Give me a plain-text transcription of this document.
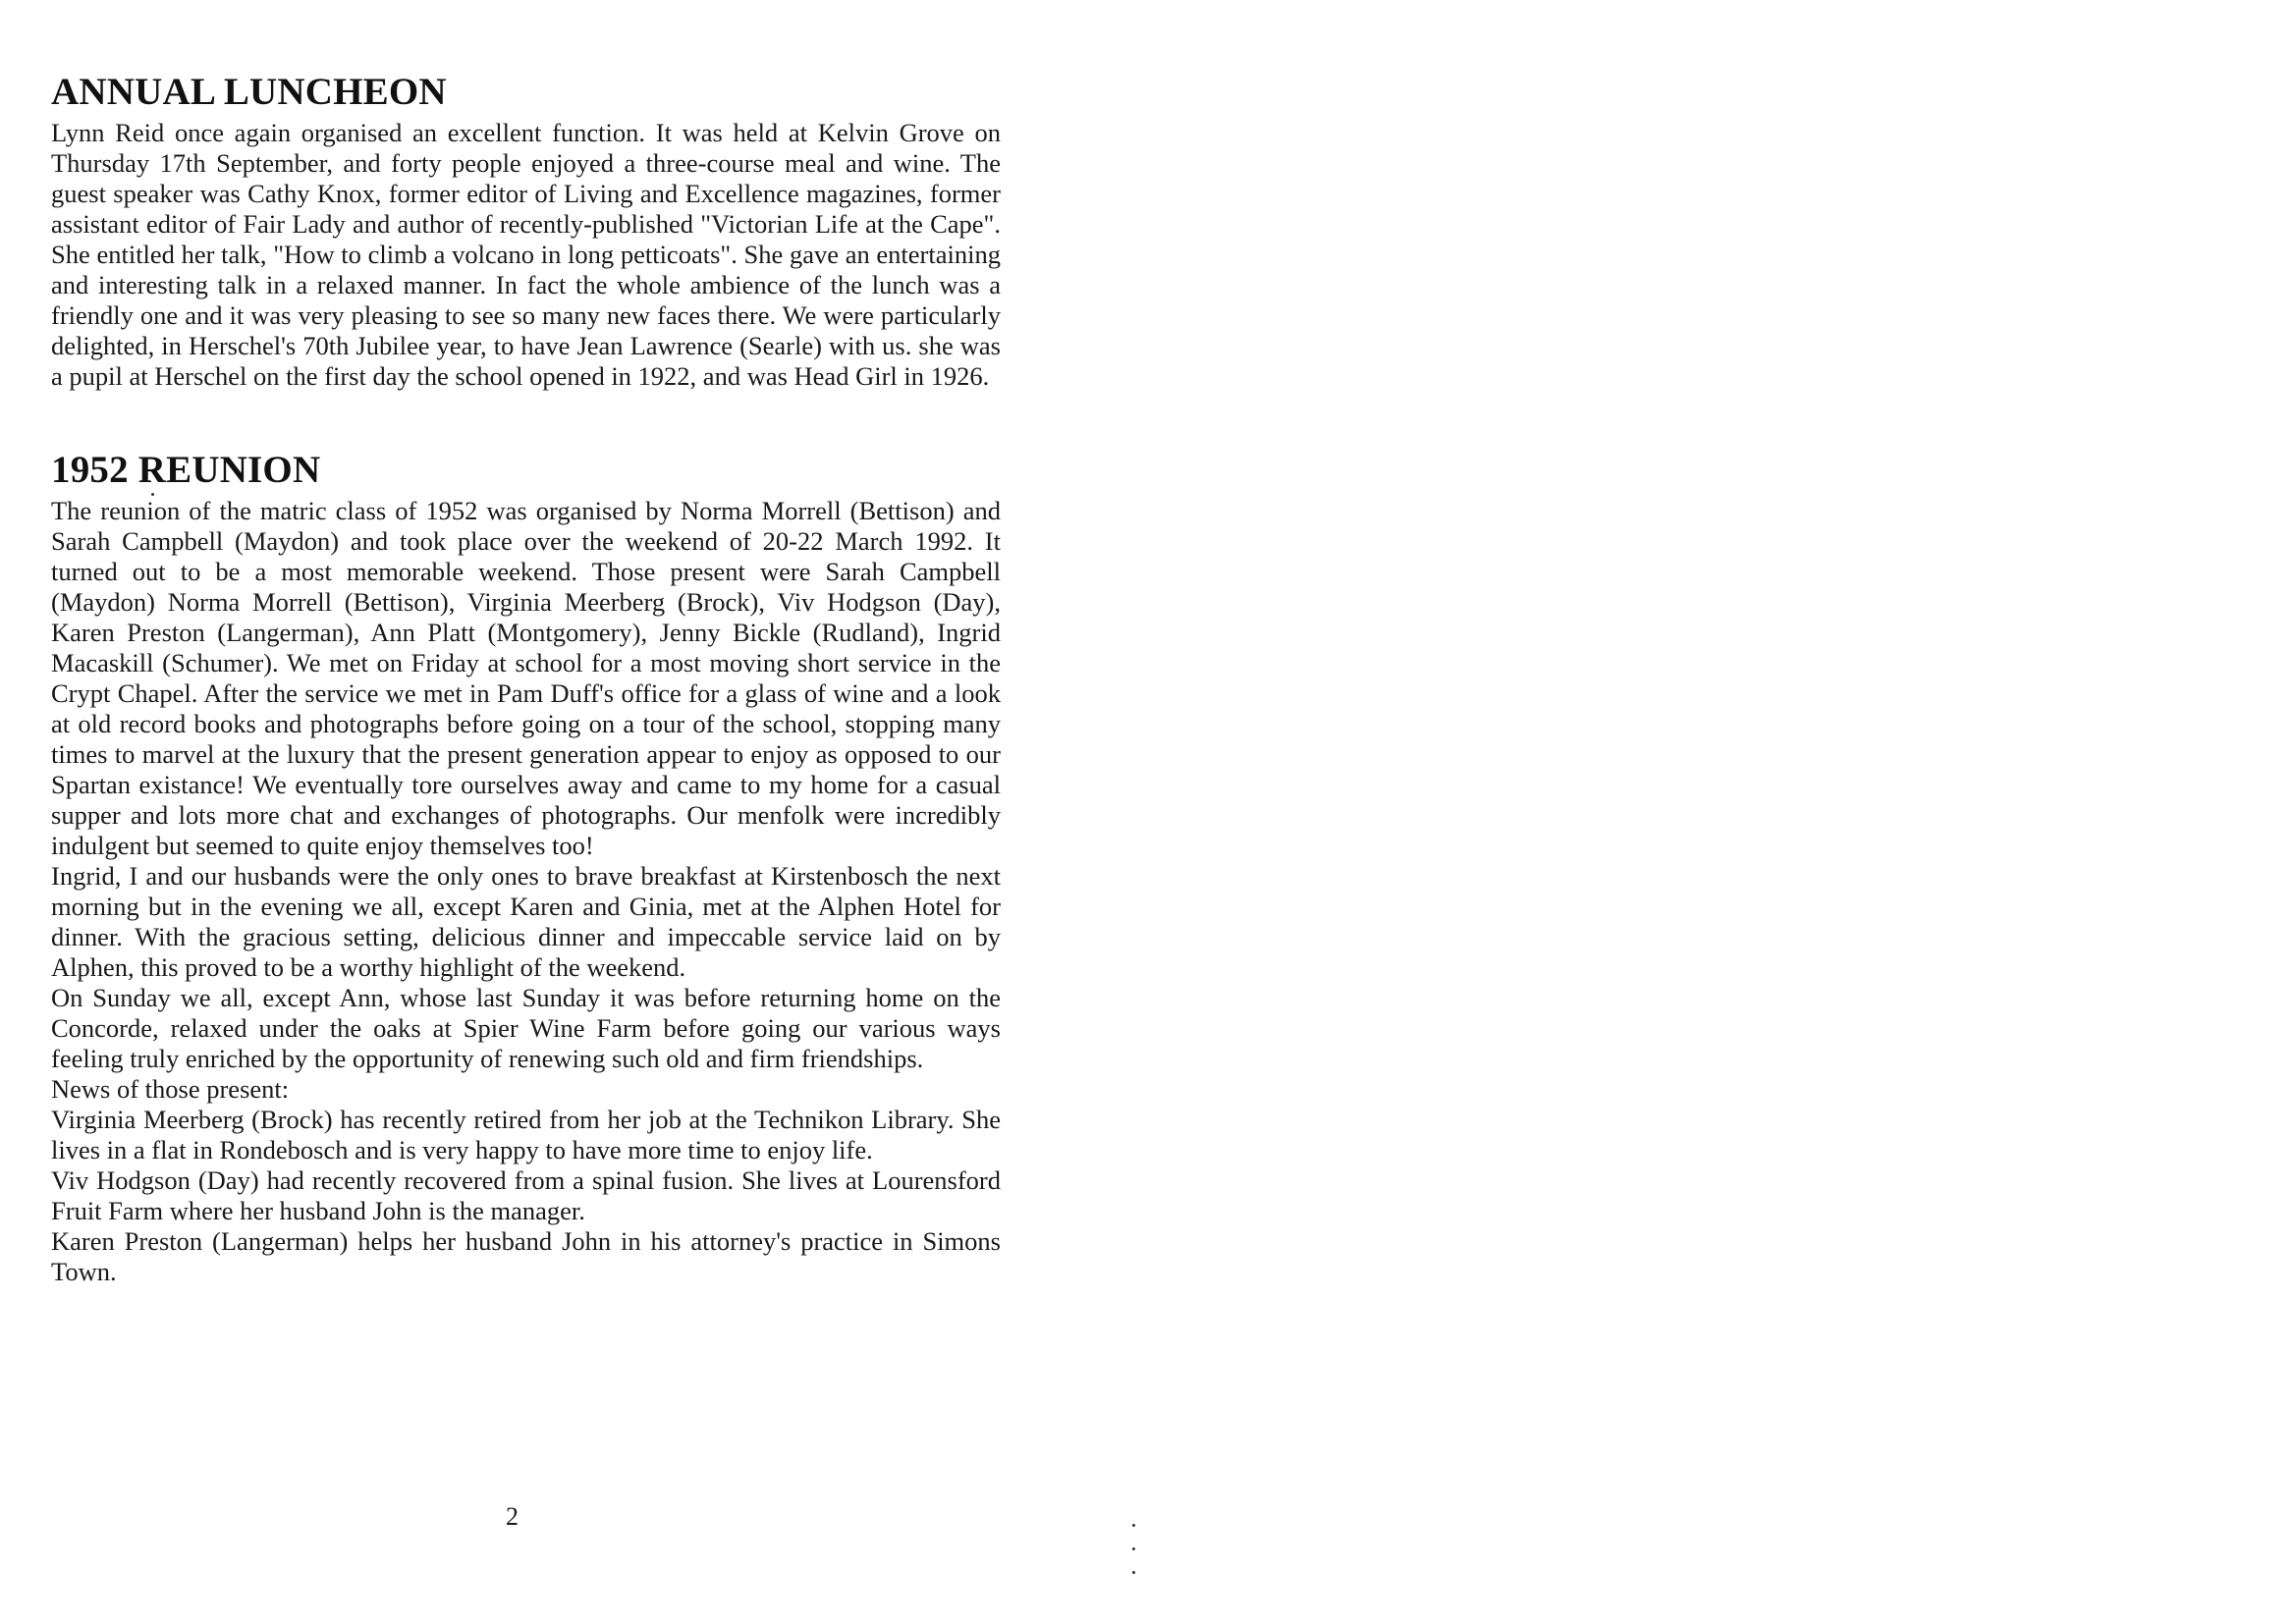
ANNUAL LUNCHEON

Lynn Reid once again organised an excellent function. It was held at Kelvin Grove on Thursday 17th September, and forty people enjoyed a three-course meal and wine. The guest speaker was Cathy Knox, former editor of Living and Excellence magazines, former assistant editor of Fair Lady and author of recently-published "Victorian Life at the Cape". She entitled her talk, "How to climb a volcano in long petticoats". She gave an entertaining and interesting talk in a relaxed manner. In fact the whole ambience of the lunch was a friendly one and it was very pleasing to see so many new faces there. We were particularly delighted, in Herschel's 70th Jubilee year, to have Jean Lawrence (Searle) with us. she was a pupil at Herschel on the first day the school opened in 1922, and was Head Girl in 1926.

1952 REUNION

The reunion of the matric class of 1952 was organised by Norma Morrell (Bettison) and Sarah Campbell (Maydon) and took place over the weekend of 20-22 March 1992. It turned out to be a most memorable weekend. Those present were Sarah Campbell (Maydon) Norma Morrell (Bettison), Virginia Meerberg (Brock), Viv Hodgson (Day), Karen Preston (Langerman), Ann Platt (Montgomery), Jenny Bickle (Rudland), Ingrid Macaskill (Schumer). We met on Friday at school for a most moving short service in the Crypt Chapel. After the service we met in Pam Duff's office for a glass of wine and a look at old record books and photographs before going on a tour of the school, stopping many times to marvel at the luxury that the present generation appear to enjoy as opposed to our Spartan existance! We eventually tore ourselves away and came to my home for a casual supper and lots more chat and exchanges of photographs. Our menfolk were incredibly indulgent but seemed to quite enjoy themselves too!

Ingrid, I and our husbands were the only ones to brave breakfast at Kirstenbosch the next morning but in the evening we all, except Karen and Ginia, met at the Alphen Hotel for dinner. With the gracious setting, delicious dinner and impeccable service laid on by Alphen, this proved to be a worthy highlight of the weekend.

On Sunday we all, except Ann, whose last Sunday it was before returning home on the Concorde, relaxed under the oaks at Spier Wine Farm before going our various ways feeling truly enriched by the opportunity of renewing such old and firm friendships.

News of those present:

Virginia Meerberg (Brock) has recently retired from her job at the Technikon Library. She lives in a flat in Rondebosch and is very happy to have more time to enjoy life.

Viv Hodgson (Day) had recently recovered from a spinal fusion. She lives at Lourensford Fruit Farm where her husband John is the manager.

Karen Preston (Langerman) helps her husband John in his attorney's practice in Simons Town.

2
